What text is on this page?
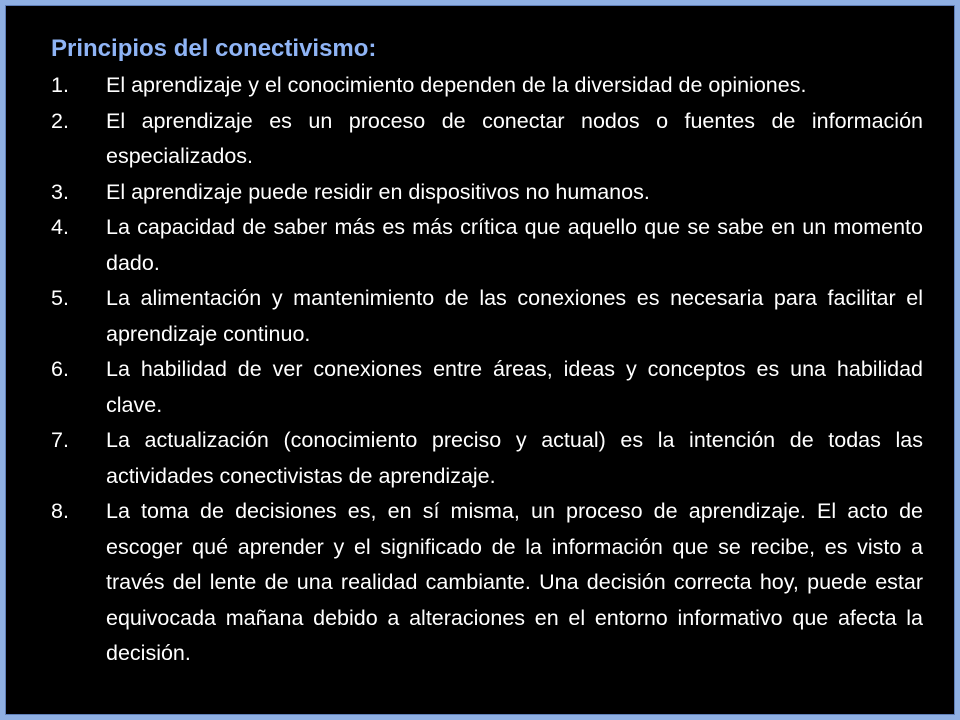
Principios del conectivismo:
1.	El aprendizaje y el conocimiento dependen de la diversidad de opiniones.
2.	El aprendizaje es un proceso de conectar nodos o fuentes de información especializados.
3.	El aprendizaje puede residir en dispositivos no humanos.
4.	La capacidad de saber más es más crítica que aquello que se sabe en un momento dado.
5.	La alimentación y mantenimiento de las conexiones es necesaria para facilitar el aprendizaje continuo.
6.	La habilidad de ver conexiones entre áreas, ideas y conceptos es una habilidad clave.
7.	La actualización (conocimiento preciso y actual) es la intención de todas las actividades conectivistas de aprendizaje.
8.	La toma de decisiones es, en sí misma, un proceso de aprendizaje. El acto de escoger qué aprender y el significado de la información que se recibe, es visto a través del lente de una realidad cambiante. Una decisión correcta hoy, puede estar equivocada mañana debido a alteraciones en el entorno informativo que afecta la decisión.
